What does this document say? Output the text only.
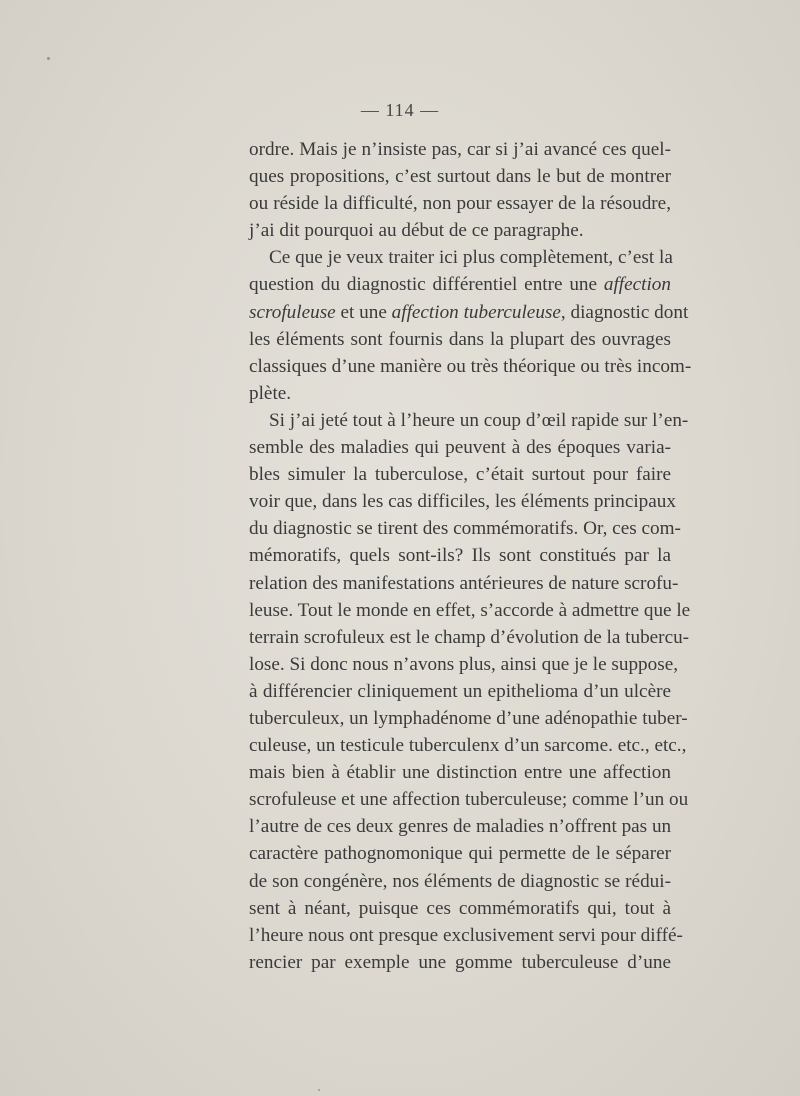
— 114 —
ordre. Mais je n’insiste pas, car si j’ai avancé ces quel-
ques propositions, c’est surtout dans le but de montrer
ou réside la difficulté, non pour essayer de la résoudre,
j’ai dit pourquoi au début de ce paragraphe.
Ce que je veux traiter ici plus complètement, c’est la
question du diagnostic différentiel entre une affection
scrofuleuse et une affection tuberculeuse, diagnostic dont
les éléments sont fournis dans la plupart des ouvrages
classiques d’une manière ou très théorique ou très incom-
plète.
Si j’ai jeté tout à l’heure un coup d’œil rapide sur l’en-
semble des maladies qui peuvent à des époques varia-
bles simuler la tuberculose, c’était surtout pour faire
voir que, dans les cas difficiles, les éléments principaux
du diagnostic se tirent des commémoratifs. Or, ces com-
mémoratifs, quels sont-ils? Ils sont constitués par la
relation des manifestations antérieures de nature scrofu-
leuse. Tout le monde en effet, s’accorde à admettre que le
terrain scrofuleux est le champ d’évolution de la tubercu-
lose. Si donc nous n’avons plus, ainsi que je le suppose,
à différencier cliniquement un epithelioma d’un ulcère
tuberculeux, un lymphadénome d’une adénopathie tuber-
culeuse, un testicule tuberculenx d’un sarcome. etc., etc.,
mais bien à établir une distinction entre une affection
scrofuleuse et une affection tuberculeuse; comme l’un ou
l’autre de ces deux genres de maladies n’offrent pas un
caractère pathognomonique qui permette de le séparer
de son congénère, nos éléments de diagnostic se rédui-
sent à néant, puisque ces commémoratifs qui, tout à
l’heure nous ont presque exclusivement servi pour diffé-
rencier par exemple une gomme tuberculeuse d’une
